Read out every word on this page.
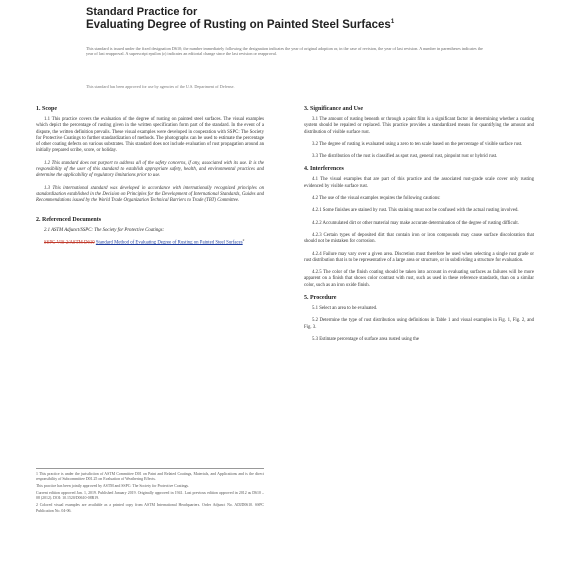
Standard Practice for
Evaluating Degree of Rusting on Painted Steel Surfaces$^1$
This standard is issued under the fixed designation D610; the number immediately following the designation indicates the year of original adoption or, in the case of revision, the year of last revision. A number in parentheses indicates the year of last reapproval. A superscript epsilon (ε) indicates an editorial change since the last revision or reapproval.
This standard has been approved for use by agencies of the U.S. Department of Defense.
1. Scope
1.1 This practice covers the evaluation of the degree of rusting on painted steel surfaces. The visual examples which depict the percentage of rusting given in the written specification form part of the standard. In the event of a dispute, the written definition prevails. These visual examples were developed in cooperation with SSPC: The Society for Protective Coatings to further standardization of methods. The photographs can be used to estimate the percentage of other coating defects on various substrates. This standard does not include evaluation of rust propagation around an initially prepared scribe, score, or holiday.
1.2 This standard does not purport to address all of the safety concerns, if any, associated with its use. It is the responsibility of the user of this standard to establish appropriate safety, health, and environmental practices and determine the applicability of regulatory limitations prior to use.
1.3 This international standard was developed in accordance with internationally recognized principles on standardization established in the Decision on Principles for the Development of International Standards, Guides and Recommendations issued by the World Trade Organization Technical Barriers to Trade (TBT) Committee.
2. Referenced Documents
2.1 ASTM Adjunct/SSPC: The Society for Protective Coatings:
SSPC-VIS 2/ASTM D610 Standard Method of Evaluating Degree of Rusting on Painted Steel Surfaces$^2$
1 This practice is under the jurisdiction of ASTM Committee D01 on Paint and Related Coatings, Materials, and Applications and is the direct responsibility of Subcommittee D01.25 on Evaluation of Weathering Effects.
This practice has been jointly approved by ASTM and SSPC: The Society for Protective Coatings.
Current edition approved Jan. 1, 2019. Published January 2019. Originally approved in 1941. Last previous edition approved in 2012 as D610 – 08 (2012). DOI: 10.1520/D0610-08R19.
2 Colored visual examples are available as a printed copy from ASTM International Headquarters. Order Adjunct No. ADJD0610. SSPC Publication No. 04-06.
3. Significance and Use
3.1 The amount of rusting beneath or through a paint film is a significant factor in determining whether a coating system should be repaired or replaced. This practice provides a standardized means for quantifying the amount and distribution of visible surface rust.
3.2 The degree of rusting is evaluated using a zero to ten scale based on the percentage of visible surface rust.
3.3 The distribution of the rust is classified as spot rust, general rust, pinpoint rust or hybrid rust.
4. Interferences
4.1 The visual examples that are part of this practice and the associated rust-grade scale cover only rusting evidenced by visible surface rust.
4.2 The use of the visual examples requires the following cautions:
4.2.1 Some finishes are stained by rust. This staining must not be confused with the actual rusting involved.
4.2.2 Accumulated dirt or other material may make accurate determination of the degree of rusting difficult.
4.2.3 Certain types of deposited dirt that contain iron or iron compounds may cause surface discoloration that should not be mistaken for corrosion.
4.2.4 Failure may vary over a given area. Discretion must therefore be used when selecting a single rust grade or rust distribution that is to be representative of a large area or structure, or in subdividing a structure for evaluation.
4.2.5 The color of the finish coating should be taken into account in evaluating surfaces as failures will be more apparent on a finish that shows color contrast with rust, such as used in these reference standards, than on a similar color, such as an iron oxide finish.
5. Procedure
5.1 Select an area to be evaluated.
5.2 Determine the type of rust distribution using definitions in Table 1 and visual examples in Fig. 1, Fig. 2, and Fig. 3.
5.3 Estimate percentage of surface area rusted using the
